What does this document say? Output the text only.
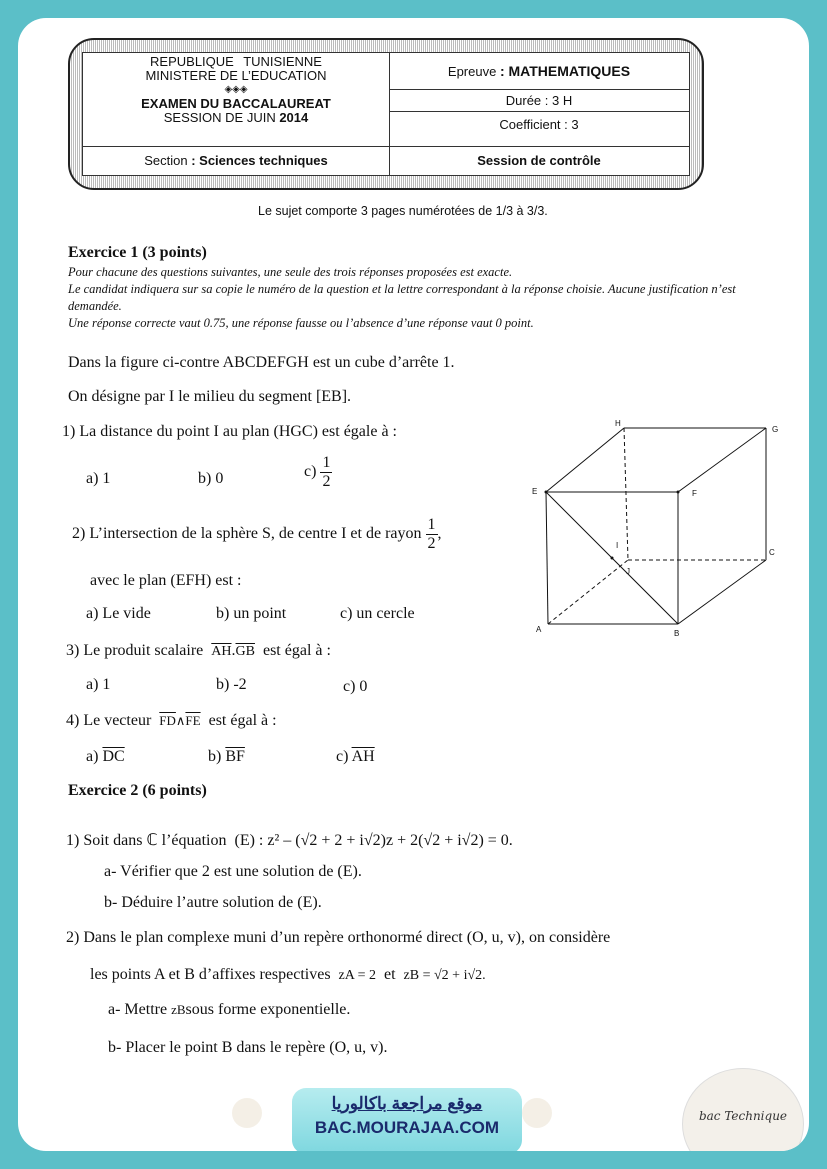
REPUBLIQUE TUNISIENNE
MINISTERE DE L’EDUCATION
◈◈◈
EXAMEN DU BACCALAUREAT
SESSION DE JUIN 2014
Epreuve : MATHEMATIQUES
Durée : 3 H
Coefficient : 3
Section : Sciences techniques	Session de contrôle
Le sujet comporte 3 pages numérotées de 1/3 à 3/3.
Exercice 1 (3 points)
Pour chacune des questions suivantes, une seule des trois réponses proposées est exacte.
Le candidat indiquera sur sa copie le numéro de la question et la lettre correspondant à la réponse choisie. Aucune justification n’est demandée.
Une réponse correcte vaut 0.75, une réponse fausse ou l’absence d’une réponse vaut 0 point.
Dans la figure ci-contre ABCDEFGH est un cube d’arrête 1.
On désigne par I le milieu du segment [EB].
1) La distance du point I au plan (HGC) est égale à :
a) 1	b) 0	$c) \frac{1}{2}$
2) L’intersection de la sphère S, de centre I et de rayon $\frac{1}{2}$ ,
avec le plan (EFH) est :
a) Le vide	b) un point	c) un cercle
3) Le produit scalaire $\overline{AH}.\overline{GB}$ est égal à :
a) 1	b) -2	c) 0
4) Le vecteur $\overline{FD}\wedge\overline{FE}$ est égal à :
a) $\overline{DC}$	b) $\overline{BF}$	c) $\overline{AH}$
E
H
G
F
I
J
C
A	B
Exercice 2 (6 points)
1) Soit dans ℂ l’équation (E) : z² – (√2 + 2 + i√2)z + 2(√2 + i√2) = 0.
a- Vérifier que 2 est une solution de (E).
b- Déduire l’autre solution de (E).
2) Dans le plan complexe muni d’un repère orthonormé direct (O, u, v), on considère
les points A et B d’affixes respectives zA = 2 et zB = √2 + i√2.
a- Mettre zBsous forme exponentielle.
b- Placer le point B dans le repère (O, u, v).
موقع مراجعة باكالوريا
BAC.MOURAJAA.COM
bac Technique
